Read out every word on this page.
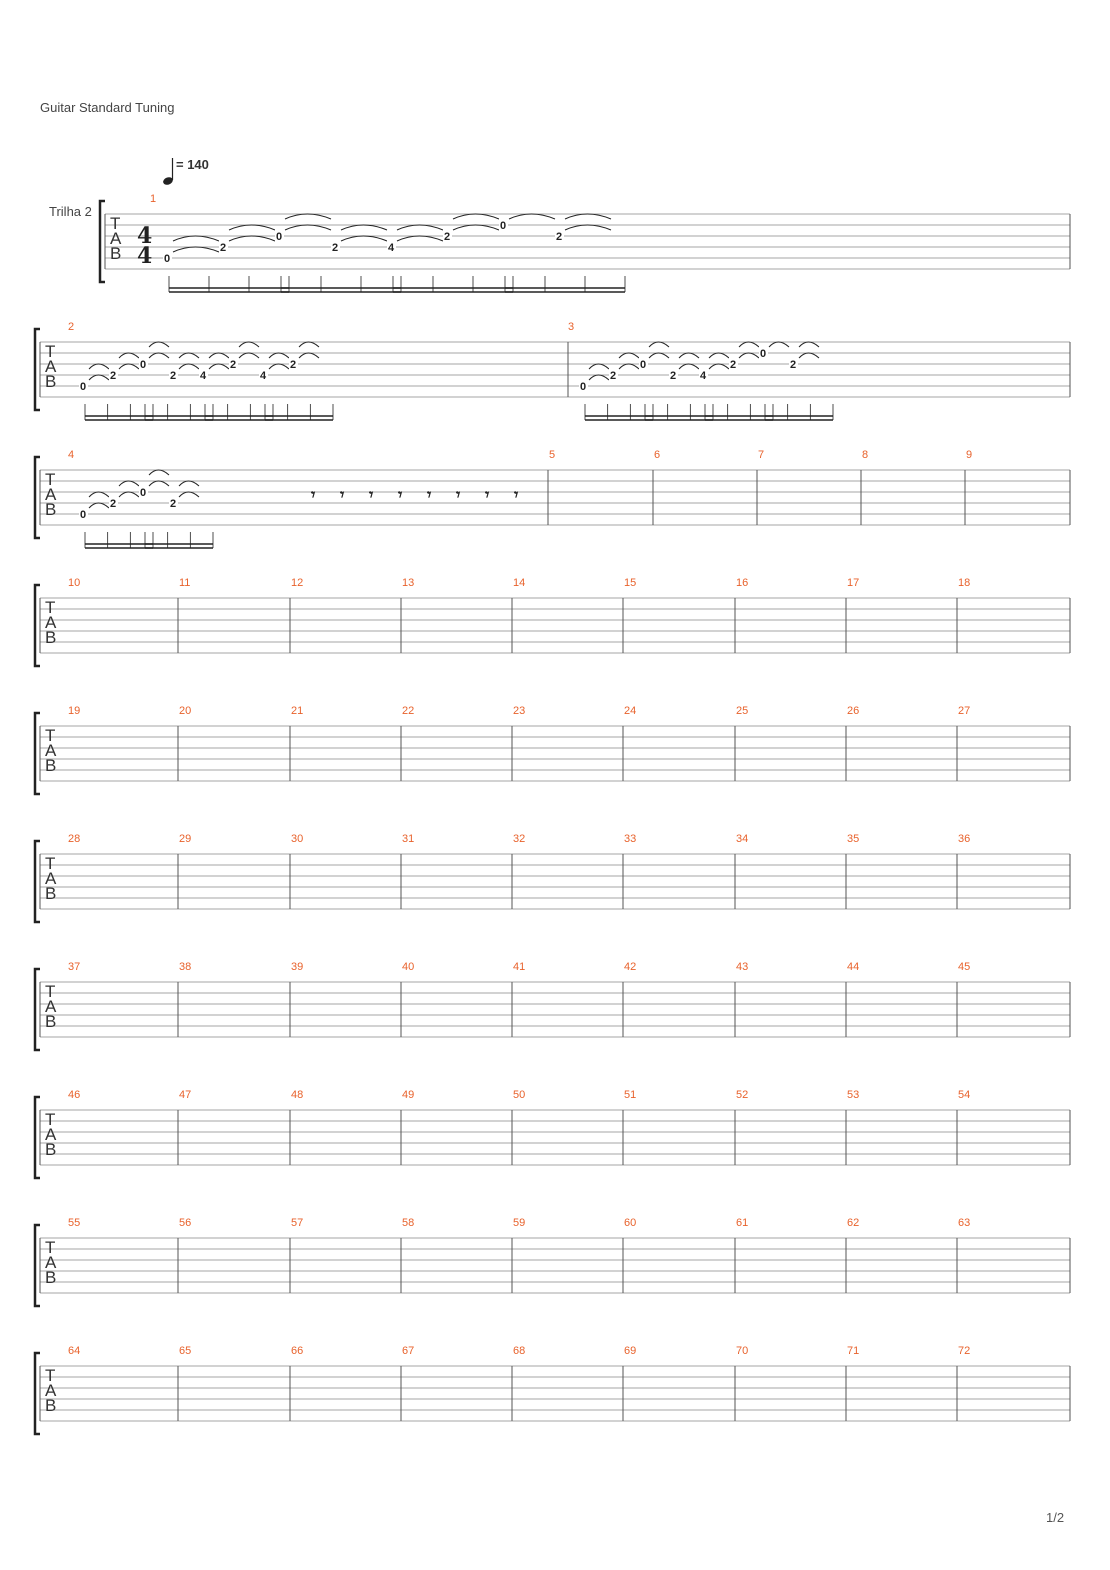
Guitar Standard Tuning
Trilha 2
1/2
= 140
T
A
B
1
4
4 0
2
0
2	4
2
0
2
T
A
B
2	3
0
2
0
2 4
2
4
2
0
2
0
2 4
2
0
2
T
A
B
4	5	6	7	8	9
0
2
0
2	𝄾 𝄾 𝄾 𝄾 𝄾 𝄾 𝄾 𝄾
T
A
B
10	11	12	13	14	15	16	17	18
T
A
B
19	20	21	22	23	24	25	26	27
T
A
B
28	29	30	31	32	33	34	35	36
T
A
B
37	38	39	40	41	42	43	44	45
T
A
B
46	47	48	49	50	51	52	53	54
T
A
B
55	56	57	58	59	60	61	62	63
T
A
B
64	65	66	67	68	69	70	71	72
